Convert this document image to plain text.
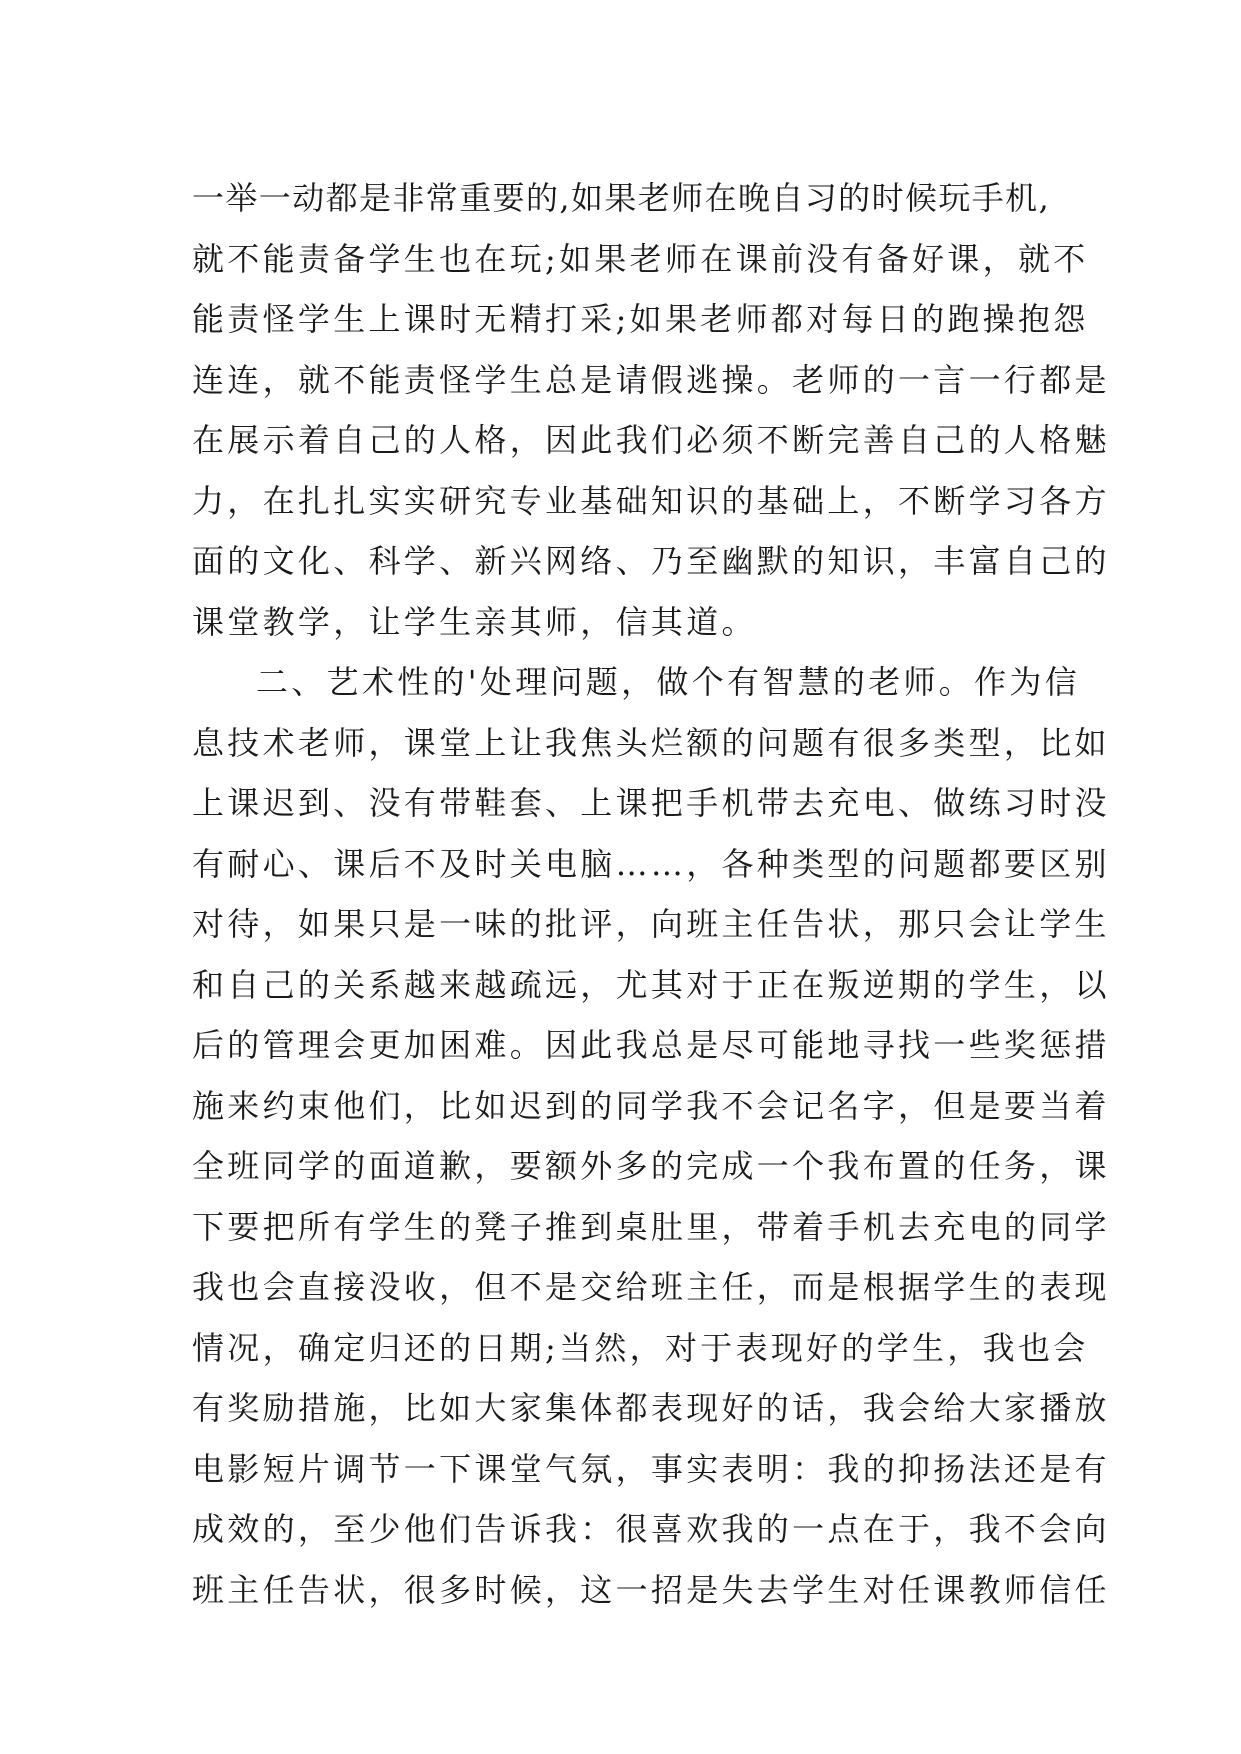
一举一动都是非常重要的,如果老师在晚自习的时候玩手机,
就不能责备学生也在玩;如果老师在课前没有备好课，就不
能责怪学生上课时无精打采;如果老师都对每日的跑操抱怨
连连，就不能责怪学生总是请假逃操。老师的一言一行都是
在展示着自己的人格，因此我们必须不断完善自己的人格魅
力，在扎扎实实研究专业基础知识的基础上，不断学习各方
面的文化、科学、新兴网络、乃至幽默的知识，丰富自己的
课堂教学，让学生亲其师，信其道。
二、艺术性的'处理问题，做个有智慧的老师。作为信
息技术老师，课堂上让我焦头烂额的问题有很多类型，比如
上课迟到、没有带鞋套、上课把手机带去充电、做练习时没
有耐心、课后不及时关电脑……，各种类型的问题都要区别
对待，如果只是一味的批评，向班主任告状，那只会让学生
和自己的关系越来越疏远，尤其对于正在叛逆期的学生，以
后的管理会更加困难。因此我总是尽可能地寻找一些奖惩措
施来约束他们，比如迟到的同学我不会记名字，但是要当着
全班同学的面道歉，要额外多的完成一个我布置的任务，课
下要把所有学生的凳子推到桌肚里，带着手机去充电的同学
我也会直接没收，但不是交给班主任，而是根据学生的表现
情况，确定归还的日期;当然，对于表现好的学生，我也会
有奖励措施，比如大家集体都表现好的话，我会给大家播放
电影短片调节一下课堂气氛，事实表明：我的抑扬法还是有
成效的，至少他们告诉我：很喜欢我的一点在于，我不会向
班主任告状，很多时候，这一招是失去学生对任课教师信任
